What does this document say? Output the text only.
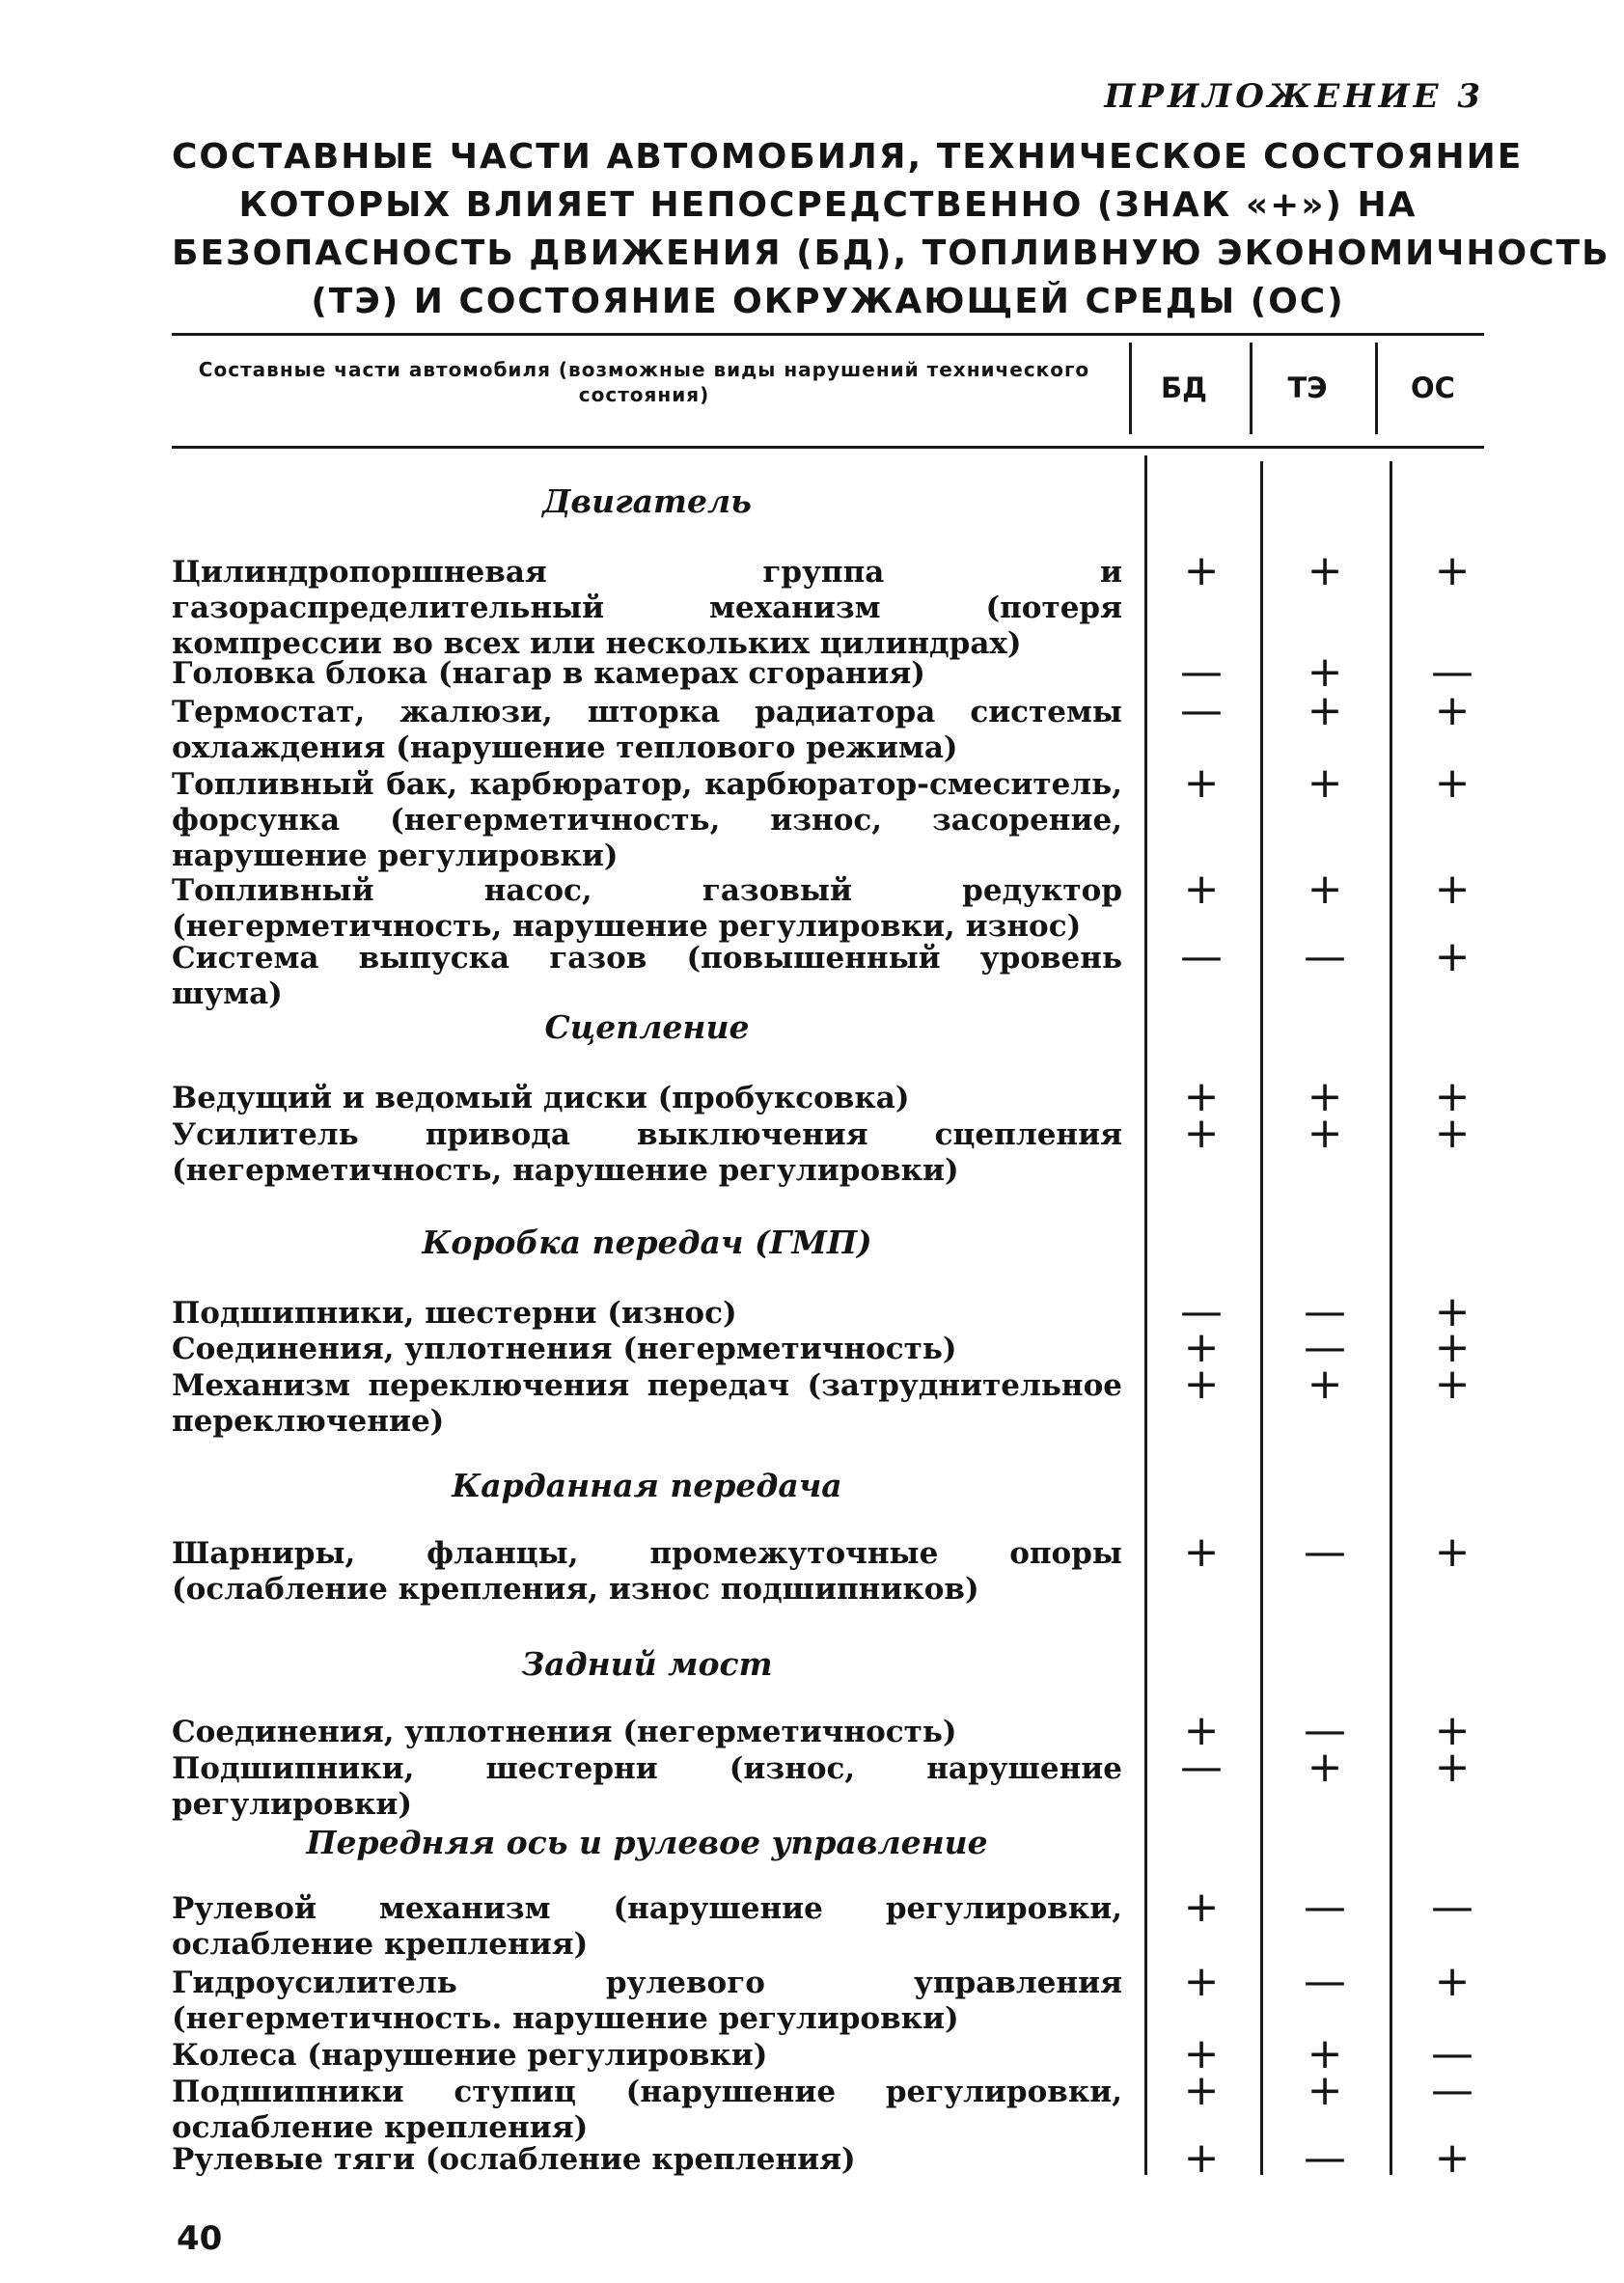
ПРИЛОЖЕНИЕ 3
СОСТАВНЫЕ ЧАСТИ АВТОМОБИЛЯ, ТЕХНИЧЕСКОЕ СОСТОЯНИЕ
КОТОРЫХ ВЛИЯЕТ НЕПОСРЕДСТВЕННО (ЗНАК «+») НА
БЕЗОПАСНОСТЬ ДВИЖЕНИЯ (БД), ТОПЛИВНУЮ ЭКОНОМИЧНОСТЬ
(ТЭ) И СОСТОЯНИЕ ОКРУЖАЮЩЕЙ СРЕДЫ (ОС)
Составные части автомобиля (возможные виды нарушений технического состояния)	БД	ТЭ	ОС
Двигатель
Цилиндропоршневая группа и газораспределительный механизм (потеря компрессии во всех или нескольких цилиндрах)
+	+	+
Головка блока (нагар в камерах сгорания)	—	+	—
Термостат, жалюзи, шторка радиатора системы охлаждения (нарушение теплового режима)
—	+	+
Топливный бак, карбюратор, карбюратор-смеситель, форсунка (негерметичность, износ, засорение, нарушение регулировки)
+	+	+
Топливный насос, газовый редуктор (негерметичность, нарушение регулировки, износ)
+	+	+
Система выпуска газов (повышенный уровень шума)
—	—	+
Сцепление
Ведущий и ведомый диски (пробуксовка)	+	+	+
Усилитель привода выключения сцепления (негерметичность, нарушение регулировки)
+	+	+
Коробка передач (ГМП)
Подшипники, шестерни (износ)	—	—	+
Соединения, уплотнения (негерметичность)	+	—	+
Механизм переключения передач (затруднительное переключение)
+	+	+
Карданная передача
Шарниры, фланцы, промежуточные опоры (ослабление крепления, износ подшипников)
+	—	+
Задний мост
Соединения, уплотнения (негерметичность)	+	—	+
Подшипники, шестерни (износ, нарушение регулировки)
—	+	+
Передняя ось и рулевое управление
Рулевой механизм (нарушение регулировки, ослабление крепления)
+	—	—
Гидроусилитель рулевого управления (негерметичность. нарушение регулировки)
+	—	+
Колеса (нарушение регулировки)	+	+	—
Подшипники ступиц (нарушение регулировки, ослабление крепления)
+	+	—
Рулевые тяги (ослабление крепления)	+	—	+
40
